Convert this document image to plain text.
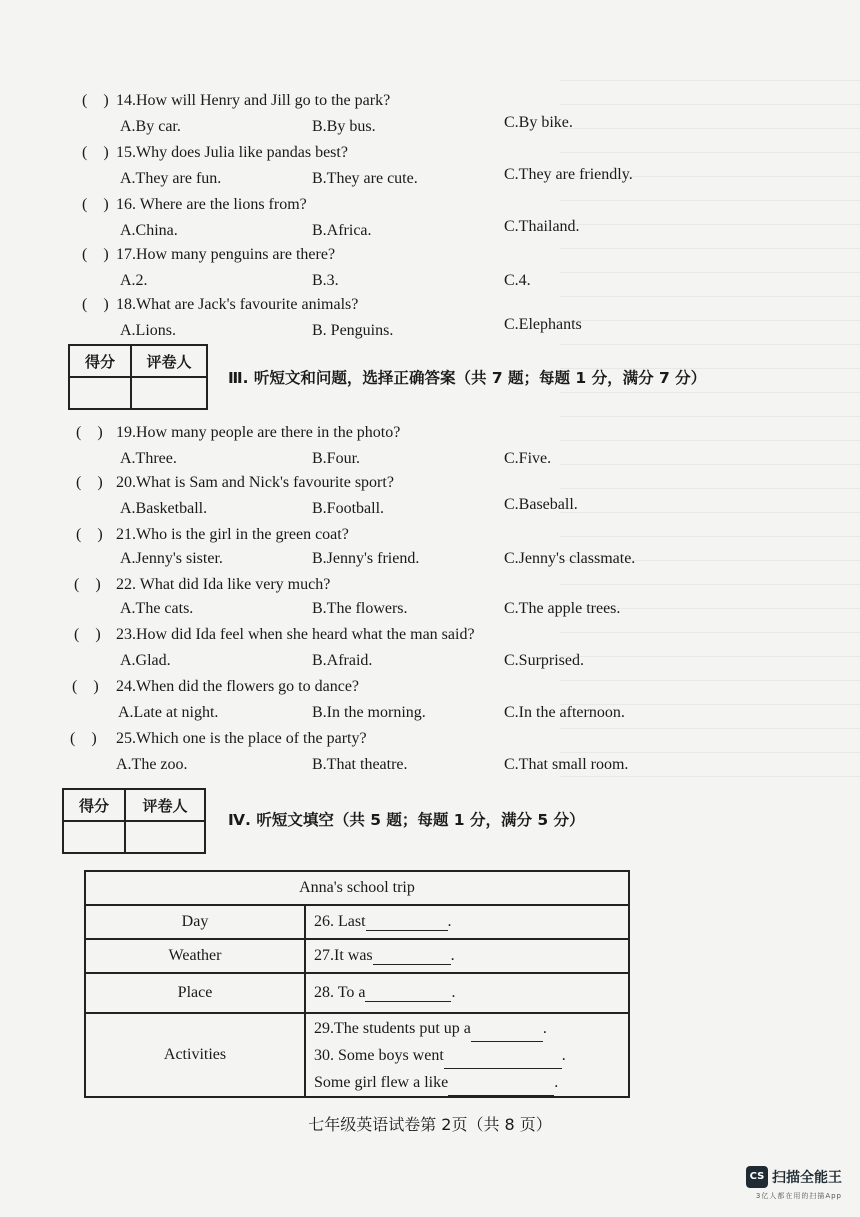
(    ) 14.How will Henry and Jill go to the park?
A.By car.	B.By bus.	C.By bike.
(    ) 15.Why does Julia like pandas best?
A.They are fun.	B.They are cute.	C.They are friendly.
(    ) 16. Where are the lions from?
A.China.	B.Africa.	C.Thailand.
(    ) 17.How many penguins are there?
A.2.	B.3.	C.4.
(    ) 18.What are Jack's favourite animals?
A.Lions.	B. Penguins.	C.Elephants
得分	评卷人

Ⅲ. 听短文和问题，选择正确答案（共 7 题；每题 1 分，满分 7 分）
(    ) 19.How many people are there in the photo?
A.Three.	B.Four.	C.Five.
(    ) 20.What is Sam and Nick's favourite sport?
A.Basketball.	B.Football.	C.Baseball.
(    ) 21.Who is the girl in the green coat?
A.Jenny's sister.	B.Jenny's friend.	C.Jenny's classmate.
(    ) 22. What did Ida like very much?
A.The cats.	B.The flowers.	C.The apple trees.
(    ) 23.How did Ida feel when she heard what the man said?
A.Glad.	B.Afraid.	C.Surprised.
(    ) 24.When did the flowers go to dance?
A.Late at night.	B.In the morning.	C.In the afternoon.
(    ) 25.Which one is the place of the party?
A.The zoo.	B.That theatre.	C.That small room.
得分	评卷人

Ⅳ. 听短文填空（共 5 题；每题 1 分，满分 5 分）
Anna's school trip	
Day	26. Last .
Weather	27.It was .
Place	28. To a .
Activities	29.The students put up a .
30. Some boys went .
Some girl flew a like .
七年级英语试卷第 2页（共 8 页）
CS 扫描全能王
3亿人都在用的扫描App
